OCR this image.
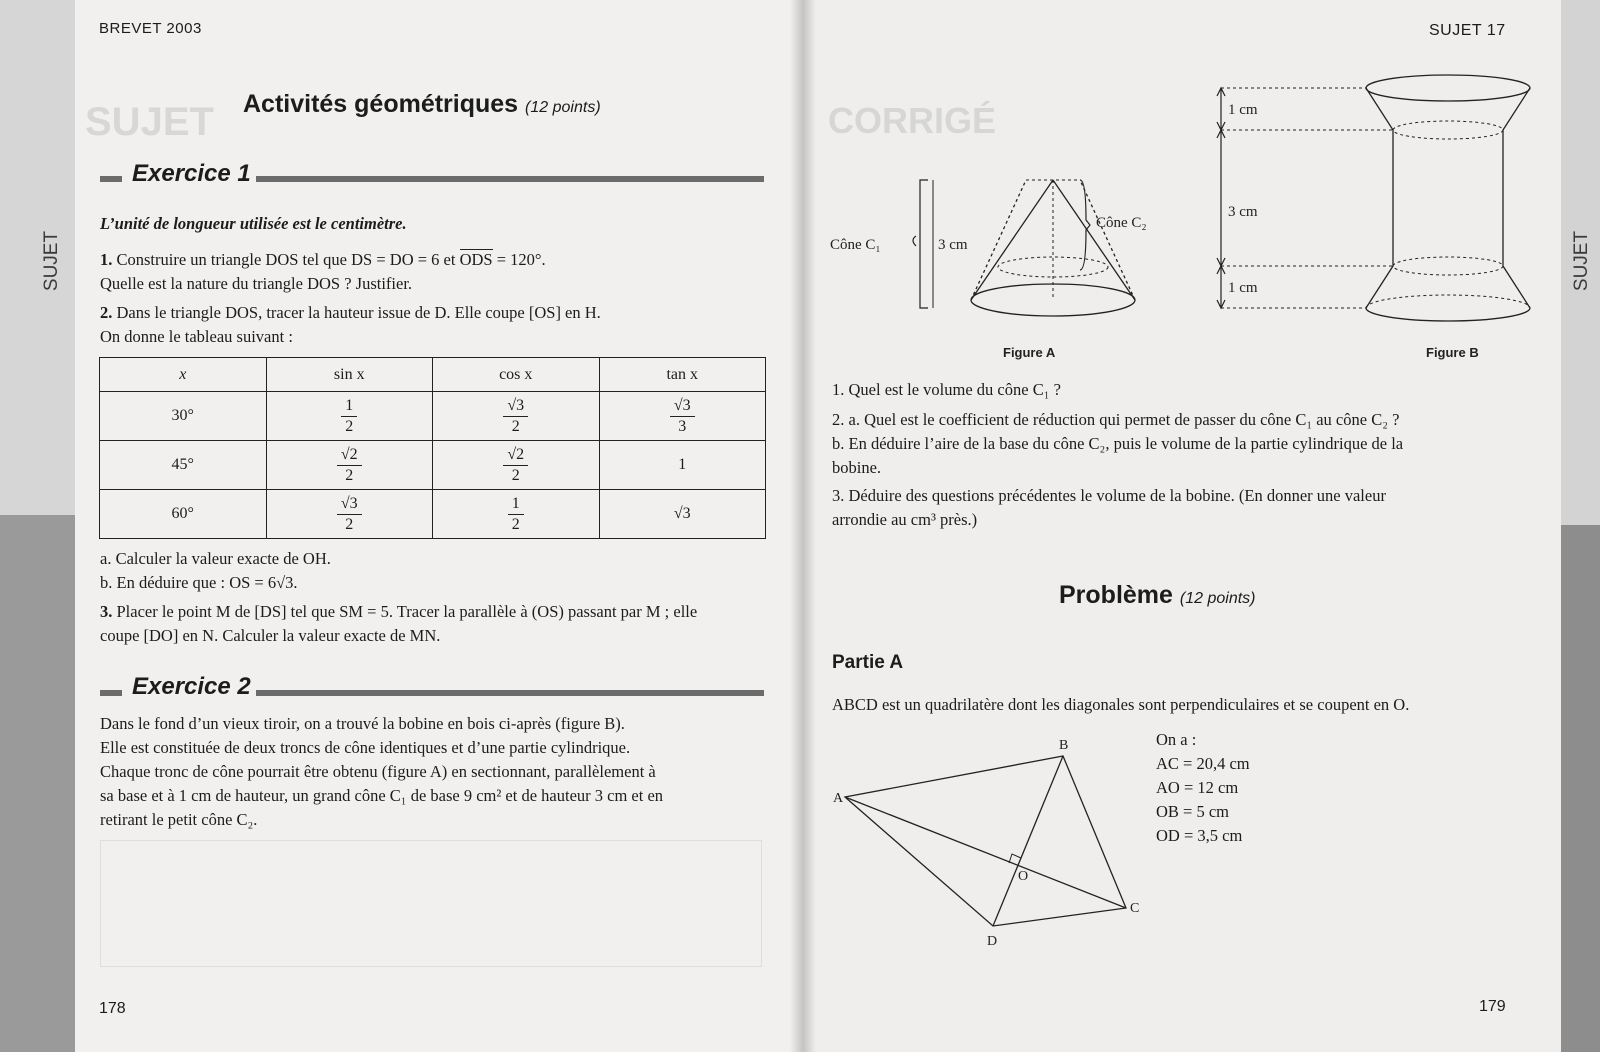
SUJET	SUJET
SUJET
BREVET 2003
Activités géométriques (12 points)
Exercice 1
L’unité de longueur utilisée est le centimètre.
1. Construire un triangle DOS tel que DS = DO = 6 et ODS = 120°.
Quelle est la nature du triangle DOS ? Justifier.
2. Dans le triangle DOS, tracer la hauteur issue de D. Elle coupe [OS] en H.
On donne le tableau suivant :
x	sin x	cos x	tan x
30°	$\frac{1}{2}$	$\frac{√3}{2}$	$\frac{√3}{3}$

45°	$\frac{√2}{2}$	$\frac{√2}{2}$	1
60°	$\frac{√3}{2}$	$\frac{1}{2}$	√3
a. Calculer la valeur exacte de OH.
b. En déduire que : OS = 6√3.
3. Placer le point M de [DS] tel que SM = 5. Tracer la parallèle à (OS) passant par M ; elle
coupe [DO] en N. Calculer la valeur exacte de MN.
Exercice 2
Dans le fond d’un vieux tiroir, on a trouvé la bobine en bois ci-après (figure B).
Elle est constituée de deux troncs de cône identiques et d’une partie cylindrique.
Chaque tronc de cône pourrait être obtenu (figure A) en sectionnant, parallèlement à
sa base et à 1 cm de hauteur, un grand cône C₁ de base 9 cm² et de hauteur 3 cm et en
retirant le petit cône C₂.
178
CORRIGÉ
SUJET 17
Cône C₁	3 cm
Cône C₂
Figure A
1 cm
3 cm
1 cm
Figure B
1. Quel est le volume du cône C₁ ?
2. a. Quel est le coefficient de réduction qui permet de passer du cône C₁ au cône C₂ ?
b. En déduire l’aire de la base du cône C₂, puis le volume de la partie cylindrique de la
bobine.
3. Déduire des questions précédentes le volume de la bobine. (En donner une valeur
arrondie au cm³ près.)
Problème (12 points)
Partie A
ABCD est un quadrilatère dont les diagonales sont perpendiculaires et se coupent en O.
A
B
C
D
O
On a :
AC = 20,4 cm
AO = 12 cm
OB = 5 cm
OD = 3,5 cm
179
